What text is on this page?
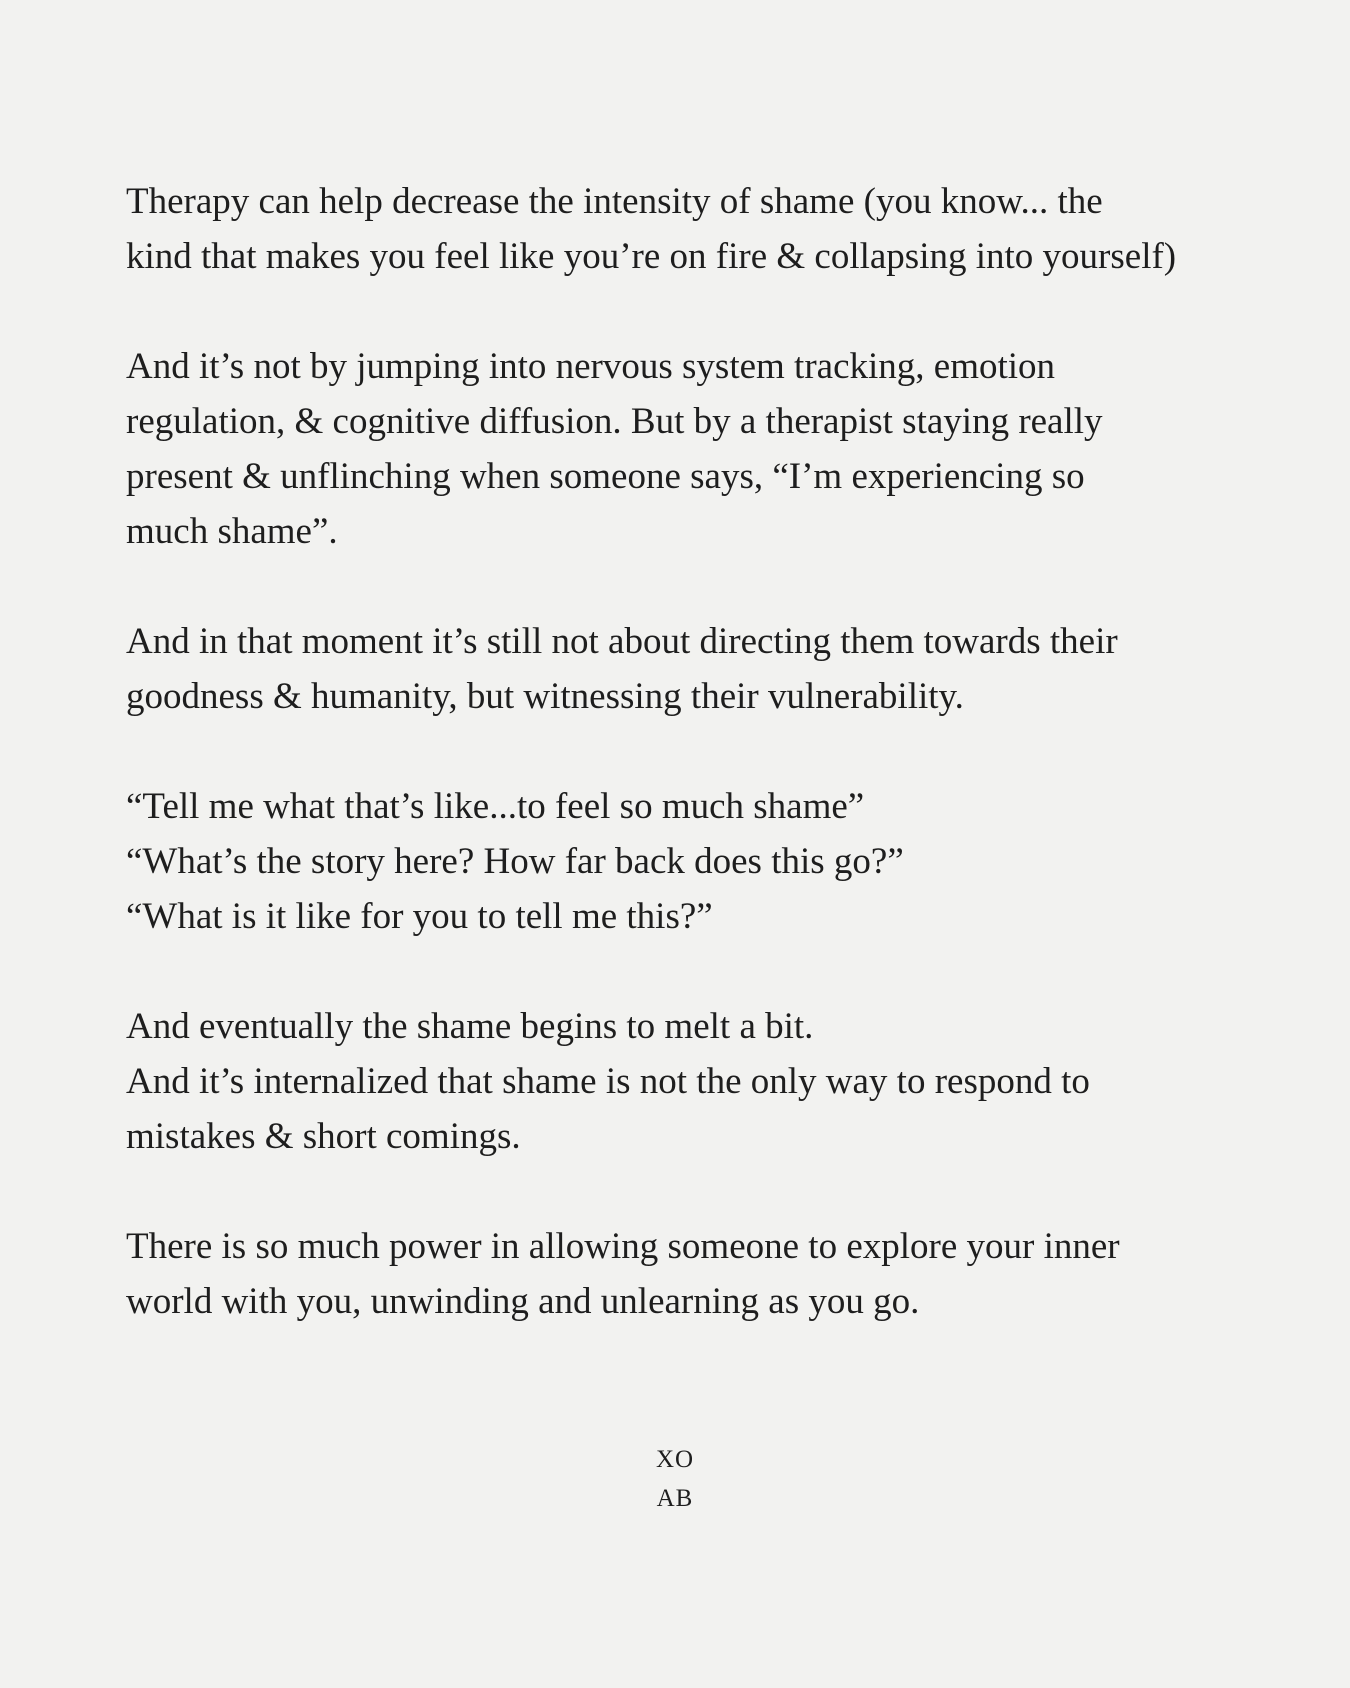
Therapy can help decrease the intensity of shame (you know... the
kind that makes you feel like you’re on fire & collapsing into yourself)

And it’s not by jumping into nervous system tracking, emotion
regulation, & cognitive diffusion. But by a therapist staying really
present & unflinching when someone says, “I’m experiencing so
much shame”.

And in that moment it’s still not about directing them towards their
goodness & humanity, but witnessing their vulnerability.

“Tell me what that’s like...to feel so much shame”
“What’s the story here? How far back does this go?”
“What is it like for you to tell me this?”

And eventually the shame begins to melt a bit.
And it’s internalized that shame is not the only way to respond to
mistakes & short comings.

There is so much power in allowing someone to explore your inner
world with you, unwinding and unlearning as you go.

XO
AB
